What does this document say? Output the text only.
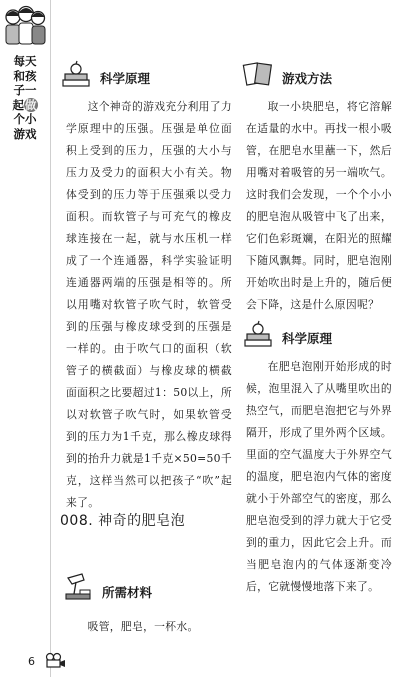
每天和孩子一起做个小游戏
科学原理

这个神奇的游戏充分利用了力学原理中的压强。压强是单位面积上受到的压力，压强的大小与压力及受力的面积大小有关。物体受到的压力等于压强乘以受力面积。而软管子与可充气的橡皮球连接在一起，就与水压机一样成了一个连通器，科学实验证明连通器两端的压强是相等的。所以用嘴对软管子吹气时，软管受到的压强与橡皮球受到的压强是一样的。由于吹气口的面积（软管子的横截面）与橡皮球的横截面面积之比要超过1：50以上，所以对软管子吹气时，如果软管受到的压力为1千克，那么橡皮球得到的抬升力就是1千克×50=50千克，这样当然可以把孩子“吹”起来了。

008. 神奇的肥皂泡
所需材料

吸管，肥皂，一杯水。

游戏方法

取一小块肥皂，将它溶解在适量的水中。再找一根小吸管，在肥皂水里蘸一下，然后用嘴对着吸管的另一端吹气。这时我们会发现，一个个小小的肥皂泡从吸管中飞了出来，它们色彩斑斓，在阳光的照耀下随风飘舞。同时，肥皂泡刚开始吹出时是上升的，随后便会下降，这是什么原因呢？

科学原理

在肥皂泡刚开始形成的时候，泡里混入了从嘴里吹出的热空气，而肥皂泡把它与外界隔开，形成了里外两个区域。里面的空气温度大于外界空气的温度，肥皂泡内气体的密度就小于外部空气的密度，那么肥皂泡受到的浮力就大于它受到的重力，因此它会上升。而当肥皂泡内的气体逐渐变冷后，它就慢慢地落下来了。

6
